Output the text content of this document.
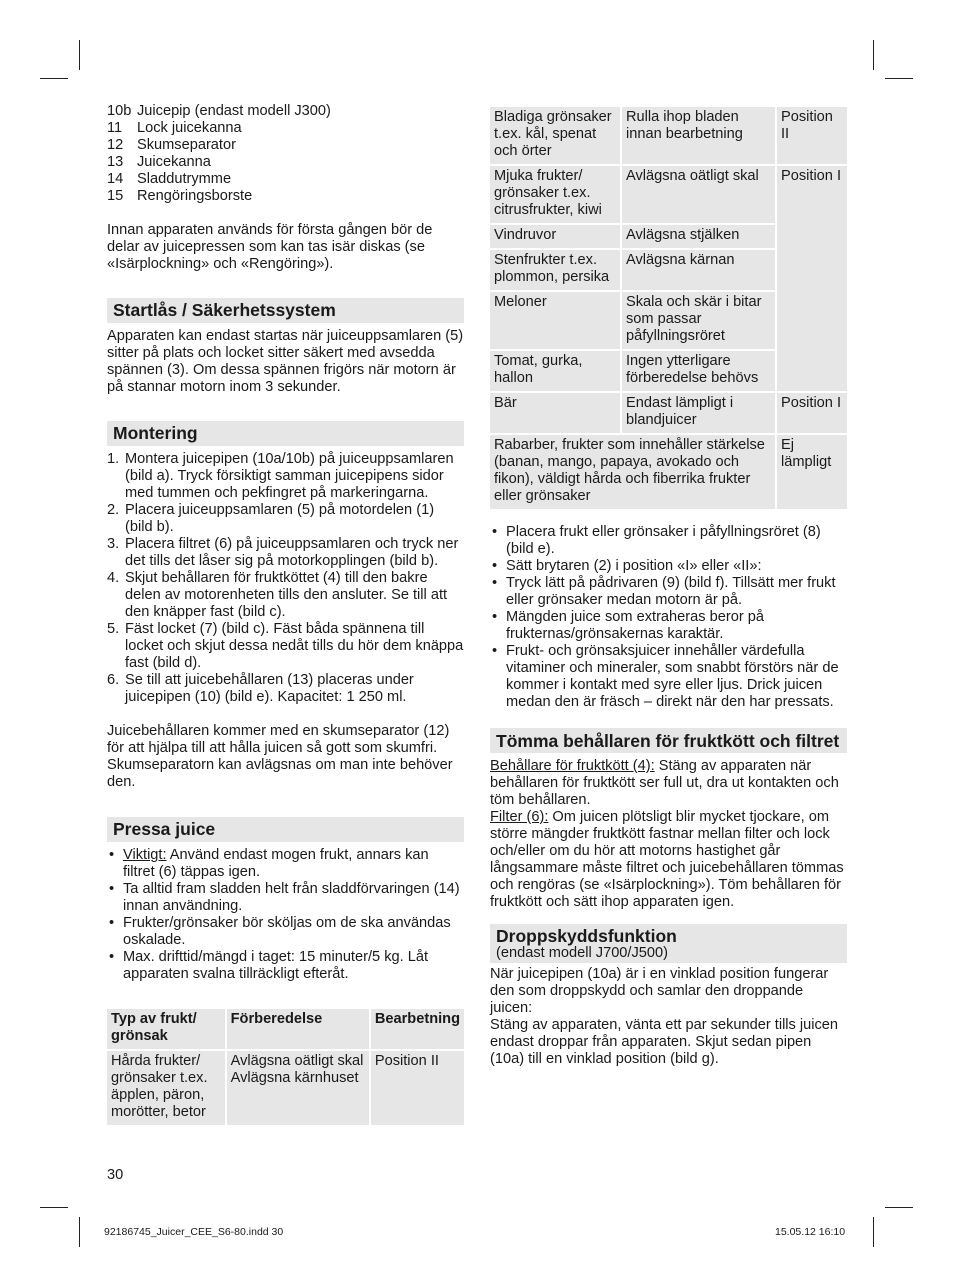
10b Juicepip (endast modell J300)
11	Lock juicekanna
12 Skumseparator
13 Juicekanna
14 Sladdutrymme
15 Rengöringsborste

Innan apparaten används för första gången bör de delar av juicepressen som kan tas isär diskas (se «Isärplockning» och «Rengöring»).

Startlås / Säkerhetssystem

Apparaten kan endast startas när juiceuppsamlaren (5) sitter på plats och locket sitter säkert med avsedda spännen (3). Om dessa spännen frigörs när motorn är på stannar motorn inom 3 sekunder.

Montering
1. Montera juicepipen (10a/10b) på juiceuppsamlaren (bild a). Tryck försiktigt samman juicepipens sidor med tummen och pekfingret på markeringarna.
2. Placera juiceuppsamlaren (5) på motordelen (1) (bild b).
3. Placera filtret (6) på juiceuppsamlaren och tryck ner det tills det låser sig på motorkopplingen (bild b).
4. Skjut behållaren för fruktköttet (4) till den bakre delen av motorenheten tills den ansluter. Se till att den knäpper fast (bild c).
5. Fäst locket (7) (bild c). Fäst båda spännena till locket och skjut dessa nedåt tills du hör dem knäppa fast (bild d).
6. Se till att juicebehållaren (13) placeras under juicepipen (10) (bild e). Kapacitet: 1 250 ml.

Juicebehållaren kommer med en skumseparator (12) för att hjälpa till att hålla juicen så gott som skumfri. Skumseparatorn kan avlägsnas om man inte behöver den.

Pressa juice
• Viktigt: Använd endast mogen frukt, annars kan filtret (6) täppas igen.
• Ta alltid fram sladden helt från sladdförvaringen (14) innan användning.
• Frukter/grönsaker bör sköljas om de ska användas oskalade.
• Max. drifttid/mängd i taget: 15 minuter/5 kg. Låt apparaten svalna tillräckligt efteråt.
Typ av frukt/ grönsak	Förberedelse	Bearbetning
Hårda frukter/ grönsaker t.ex. äpplen, päron, morötter, betor	Avlägsna oätligt skal Avlägsna kärnhuset	Position II
30
92186745_Juicer_CEE_S6-80.indd 30	15.05.12 16:10
Bladiga grönsaker t.ex. kål, spenat och örter	Rulla ihop bladen innan bearbetning	Position II
Mjuka frukter/ grönsaker t.ex. citrusfrukter, kiwi	Avlägsna oätligt skal	Position I
Vindruvor	Avlägsna stjälken	
Stenfrukter t.ex. plommon, persika	Avlägsna kärnan	
Meloner	Skala och skär i bitar som passar påfyllningsröret	
Tomat, gurka, hallon	Ingen ytterligare förberedelse behövs	
Bär	Endast lämpligt i blandjuicer	Position I
Rabarber, frukter som innehåller stärkelse (banan, mango, papaya, avokado och fikon), väldigt hårda och fiberrika frukter eller grönsaker		Ej lämpligt
• Placera frukt eller grönsaker i påfyllningsröret (8) (bild e).
• Sätt brytaren (2) i position «I» eller «II»:
• Tryck lätt på pådrivaren (9) (bild f). Tillsätt mer frukt eller grönsaker medan motorn är på.
• Mängden juice som extraheras beror på frukternas/grönsakernas karaktär.
• Frukt- och grönsaksjuicer innehåller värdefulla vitaminer och mineraler, som snabbt förstörs när de kommer i kontakt med syre eller ljus. Drick juicen medan den är fräsch – direkt när den har pressats.
Tömma behållaren för fruktkött och filtret

Behållare för fruktkött (4): Stäng av apparaten när behållaren för fruktkött ser full ut, dra ut kontakten och töm behållaren.

Filter (6): Om juicen plötsligt blir mycket tjockare, om större mängder fruktkött fastnar mellan filter och lock och/eller om du hör att motorns hastighet går långsammare måste filtret och juicebehållaren tömmas och rengöras (se «Isärplockning»). Töm behållaren för fruktkött och sätt ihop apparaten igen.

Droppskyddsfunktion
(endast modell J700/J500)

När juicepipen (10a) är i en vinklad position fungerar den som droppskydd och samlar den droppande juicen:

Stäng av apparaten, vänta ett par sekunder tills juicen endast droppar från apparaten. Skjut sedan pipen (10a) till en vinklad position (bild g).
